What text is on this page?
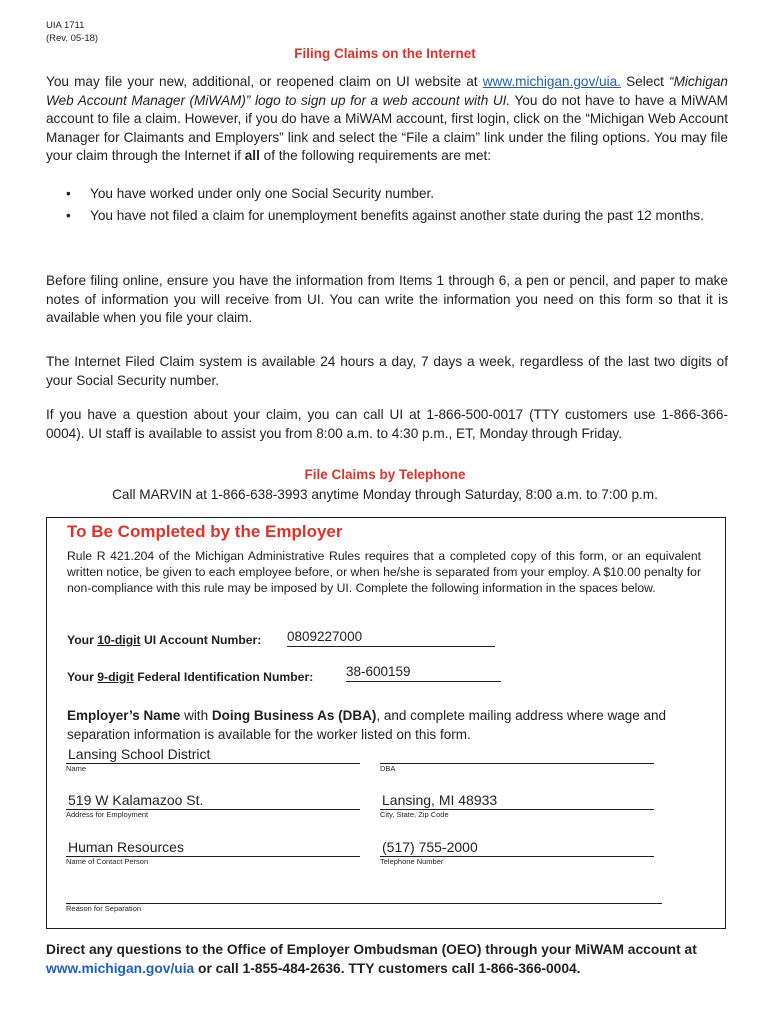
UIA 1711
(Rev. 05-18)
Filing Claims on the Internet
You may file your new, additional, or reopened claim on UI website at www.michigan.gov/uia. Select “Michigan Web Account Manager (MiWAM)” logo to sign up for a web account with UI. You do not have to have a MiWAM account to file a claim. However, if you do have a MiWAM account, first login, click on the “Michigan Web Account Manager for Claimants and Employers” link and select the “File a claim” link under the filing options. You may file your claim through the Internet if all of the following requirements are met:
• You have worked under only one Social Security number.
• You have not filed a claim for unemployment benefits against another state during the past 12 months.
Before filing online, ensure you have the information from Items 1 through 6, a pen or pencil, and paper to make notes of information you will receive from UI. You can write the information you need on this form so that it is available when you file your claim.
The Internet Filed Claim system is available 24 hours a day, 7 days a week, regardless of the last two digits of your Social Security number.
If you have a question about your claim, you can call UI at 1-866-500-0017 (TTY customers use 1-866-366-0004). UI staff is available to assist you from 8:00 a.m. to 4:30 p.m., ET, Monday through Friday.
File Claims by Telephone
Call MARVIN at 1-866-638-3993 anytime Monday through Saturday, 8:00 a.m. to 7:00 p.m.
To Be Completed by the Employer
Rule R 421.204 of the Michigan Administrative Rules requires that a completed copy of this form, or an equivalent written notice, be given to each employee before, or when he/she is separated from your employ. A $10.00 penalty for non-compliance with this rule may be imposed by UI. Complete the following information in the spaces below.
Your 10-digit UI Account Number: 0809227000
Your 9-digit Federal Identification Number: 38-600159
Employer’s Name with Doing Business As (DBA), and complete mailing address where wage and separation information is available for the worker listed on this form.
Lansing School District
Name	DBA
519 W Kalamazoo St.
Address for Employment
Lansing, MI 48933
City, State, Zip Code
Human Resources
Name of Contact Person
(517) 755-2000
Telephone Number
Reason for Separation
Direct any questions to the Office of Employer Ombudsman (OEO) through your MiWAM account at www.michigan.gov/uia or call 1-855-484-2636. TTY customers call 1-866-366-0004.
